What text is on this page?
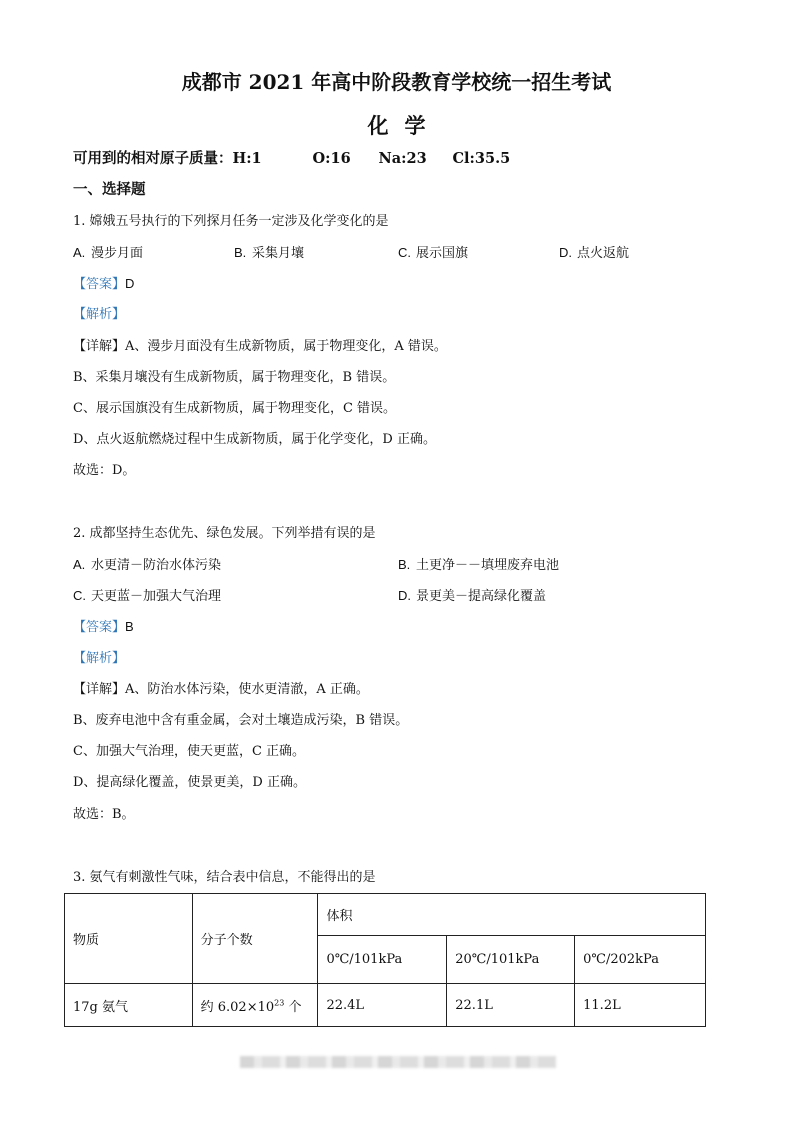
成都市 2021 年高中阶段教育学校统一招生考试
化学
可用到的相对原子质量：H:1	O:16 Na:23 Cl:35.5
一、选择题
1. 嫦娥五号执行的下列探月任务一定涉及化学变化的是
A. 漫步月面	B. 采集月壤	C. 展示国旗	D. 点火返航
【答案】D
【解析】
【详解】A、漫步月面没有生成新物质，属于物理变化，A 错误。
B、采集月壤没有生成新物质，属于物理变化，B 错误。
C、展示国旗没有生成新物质，属于物理变化，C 错误。
D、点火返航燃烧过程中生成新物质，属于化学变化，D 正确。
故选：D。
2. 成都坚持生态优先、绿色发展。下列举措有误的是
A. 水更清－防治水体污染	B. 土更净－－填埋废弃电池
C. 天更蓝－加强大气治理	D. 景更美－提高绿化覆盖
【答案】B
【解析】
【详解】A、防治水体污染，使水更清澈，A 正确。
B、废弃电池中含有重金属，会对土壤造成污染，B 错误。
C、加强大气治理，使天更蓝，C 正确。
D、提高绿化覆盖，使景更美，D 正确。
故选：B。
3. 氨气有刺激性气味，结合表中信息，不能得出的是
物质	分子个数	体积		
		0℃/101kPa	20℃/101kPa	0℃/202kPa
17g 氨气	约 $6.02\times 10^{23}$ 个	22.4L	22.1L	11.2L
